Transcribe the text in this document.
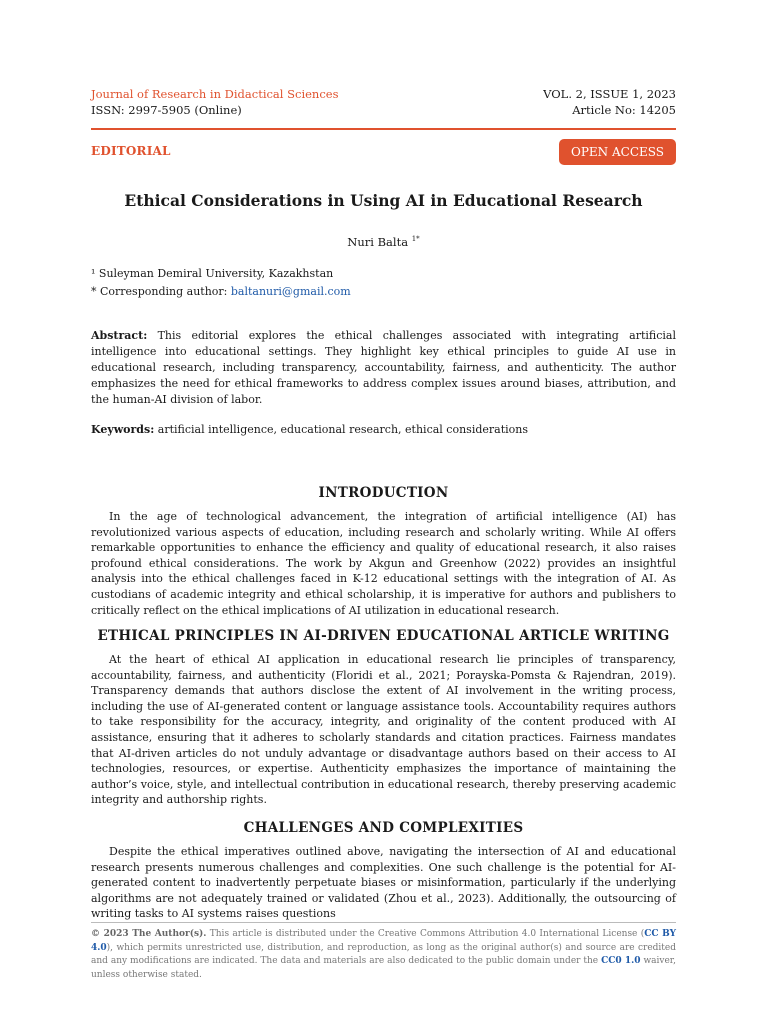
Journal of Research in Didactical Sciences
ISSN: 2997-5905 (Online)
VOL. 2, ISSUE 1, 2023
Article No: 14205
EDITORIAL	OPEN ACCESS
Ethical Considerations in Using AI in Educational Research
Nuri Balta $^{1*}$
¹ Suleyman Demiral University, Kazakhstan
* Corresponding author: baltanuri@gmail.com
Abstract: This editorial explores the ethical challenges associated with integrating artificial intelligence into educational settings. They highlight key ethical principles to guide AI use in educational research, including transparency, accountability, fairness, and authenticity. The author emphasizes the need for ethical frameworks to address complex issues around biases, attribution, and the human-AI division of labor.
Keywords: artificial intelligence, educational research, ethical considerations
INTRODUCTION

In the age of technological advancement, the integration of artificial intelligence (AI) has revolutionized various aspects of education, including research and scholarly writing. While AI offers remarkable opportunities to enhance the efficiency and quality of educational research, it also raises profound ethical considerations. The work by Akgun and Greenhow (2022) provides an insightful analysis into the ethical challenges faced in K-12 educational settings with the integration of AI. As custodians of academic integrity and ethical scholarship, it is imperative for authors and publishers to critically reflect on the ethical implications of AI utilization in educational research.

ETHICAL PRINCIPLES IN AI-DRIVEN EDUCATIONAL ARTICLE WRITING

At the heart of ethical AI application in educational research lie principles of transparency, accountability, fairness, and authenticity (Floridi et al., 2021; Porayska-Pomsta & Rajendran, 2019). Transparency demands that authors disclose the extent of AI involvement in the writing process, including the use of AI-generated content or language assistance tools. Accountability requires authors to take responsibility for the accuracy, integrity, and originality of the content produced with AI assistance, ensuring that it adheres to scholarly standards and citation practices. Fairness mandates that AI-driven articles do not unduly advantage or disadvantage authors based on their access to AI technologies, resources, or expertise. Authenticity emphasizes the importance of maintaining the author’s voice, style, and intellectual contribution in educational research, thereby preserving academic integrity and authorship rights.

CHALLENGES AND COMPLEXITIES

Despite the ethical imperatives outlined above, navigating the intersection of AI and educational research presents numerous challenges and complexities. One such challenge is the potential for AI-generated content to inadvertently perpetuate biases or misinformation, particularly if the underlying algorithms are not adequately trained or validated (Zhou et al., 2023). Additionally, the outsourcing of writing tasks to AI systems raises questions

© 2023 The Author(s). This article is distributed under the Creative Commons Attribution 4.0 International License (CC BY 4.0), which permits unrestricted use, distribution, and reproduction, as long as the original author(s) and source are credited and any modifications are indicated. The data and materials are also dedicated to the public domain under the CC0 1.0 waiver, unless otherwise stated.
